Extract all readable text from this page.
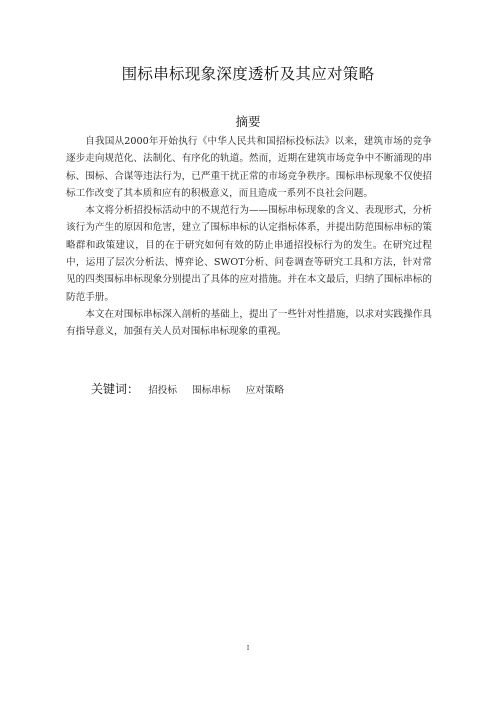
围标串标现象深度透析及其应对策略
摘要

自我国从2000年开始执行《中华人民共和国招标投标法》以来，建筑市场的竞争逐步走向规范化、法制化、有序化的轨道。然而，近期在建筑市场竞争中不断涌现的串标、围标、合谋等违法行为，已严重干扰正常的市场竞争秩序。围标串标现象不仅使招标工作改变了其本质和应有的积极意义，而且造成一系列不良社会问题。

本文将分析招投标活动中的不规范行为——围标串标现象的含义、表现形式，分析该行为产生的原因和危害，建立了围标串标的认定指标体系，并提出防范围标串标的策略群和政策建议，目的在于研究如何有效的防止串通招投标行为的发生。在研究过程中，运用了层次分析法、博弈论、SWOT分析、问卷调查等研究工具和方法，针对常见的四类围标串标现象分别提出了具体的应对措施。并在本文最后，归纳了围标串标的防范手册。

本文在对围标串标深入剖析的基础上，提出了一些针对性措施，以求对实践操作具有指导意义，加强有关人员对围标串标现象的重视。

关键词： 招投标 围标串标 应对策略
I
